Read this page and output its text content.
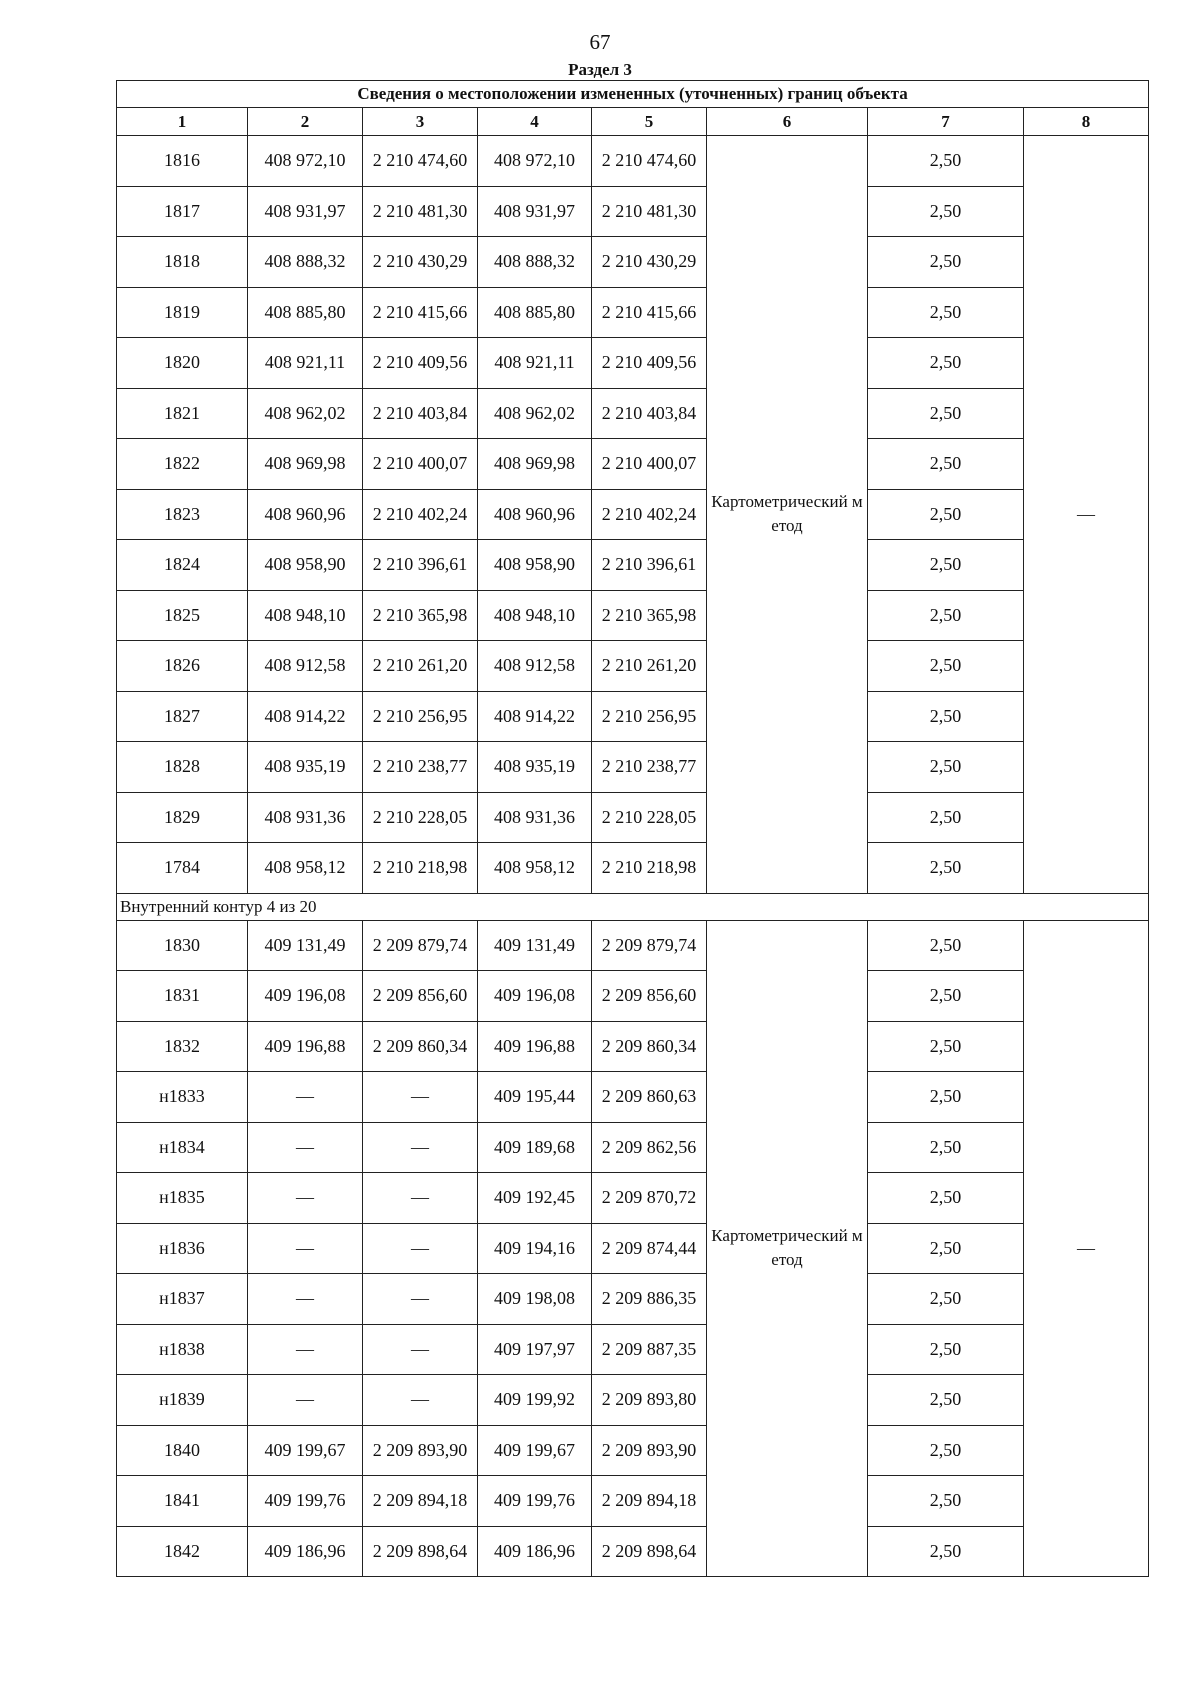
67
Раздел 3
Сведения о местоположении измененных (уточненных) границ объекта							
1	2	3	4	5	6	7	8
1816	408 972,10	2 210 474,60	408 972,10	2 210 474,60	Картометрический метод	2,50	—
1817	408 931,97	2 210 481,30	408 931,97	2 210 481,30		2,50	
1818	408 888,32	2 210 430,29	408 888,32	2 210 430,29		2,50	
1819	408 885,80	2 210 415,66	408 885,80	2 210 415,66		2,50	
1820	408 921,11	2 210 409,56	408 921,11	2 210 409,56		2,50	
1821	408 962,02	2 210 403,84	408 962,02	2 210 403,84		2,50	
1822	408 969,98	2 210 400,07	408 969,98	2 210 400,07		2,50	
1823	408 960,96	2 210 402,24	408 960,96	2 210 402,24		2,50	
1824	408 958,90	2 210 396,61	408 958,90	2 210 396,61		2,50	
1825	408 948,10	2 210 365,98	408 948,10	2 210 365,98		2,50	
1826	408 912,58	2 210 261,20	408 912,58	2 210 261,20		2,50	
1827	408 914,22	2 210 256,95	408 914,22	2 210 256,95		2,50	
1828	408 935,19	2 210 238,77	408 935,19	2 210 238,77		2,50	
1829	408 931,36	2 210 228,05	408 931,36	2 210 228,05		2,50	
1784	408 958,12	2 210 218,98	408 958,12	2 210 218,98		2,50	
Внутренний контур 4 из 20							
1830	409 131,49	2 209 879,74	409 131,49	2 209 879,74	Картометрический метод	2,50	—
1831	409 196,08	2 209 856,60	409 196,08	2 209 856,60		2,50	
1832	409 196,88	2 209 860,34	409 196,88	2 209 860,34		2,50	
н1833	—	—	409 195,44	2 209 860,63		2,50	
н1834	—	—	409 189,68	2 209 862,56		2,50	
н1835	—	—	409 192,45	2 209 870,72		2,50	
н1836	—	—	409 194,16	2 209 874,44		2,50	
н1837	—	—	409 198,08	2 209 886,35		2,50	
н1838	—	—	409 197,97	2 209 887,35		2,50	
н1839	—	—	409 199,92	2 209 893,80		2,50	
1840	409 199,67	2 209 893,90	409 199,67	2 209 893,90		2,50	
1841	409 199,76	2 209 894,18	409 199,76	2 209 894,18		2,50	
1842	409 186,96	2 209 898,64	409 186,96	2 209 898,64		2,50	
